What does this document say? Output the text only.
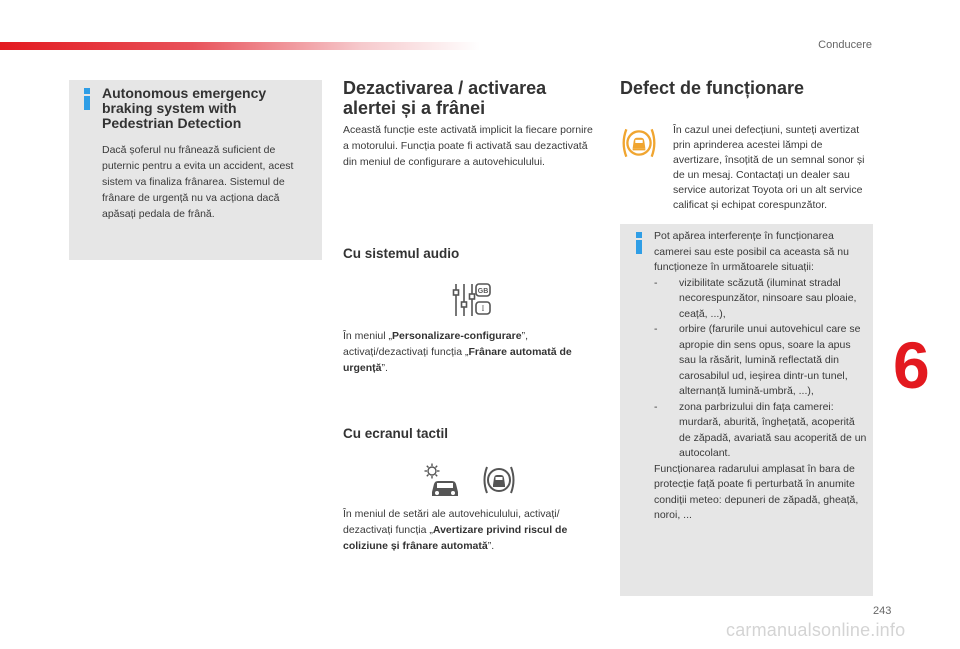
Conducere
Autonomous emergency braking system with Pedestrian Detection
Dacă șoferul nu frânează suficient de puternic pentru a evita un accident, acest sistem va finaliza frânarea. Sistemul de frânare de urgență nu va acționa dacă apăsați pedala de frână.
Dezactivarea / activarea alertei și a frânei
Această funcție este activată implicit la fiecare pornire a motorului. Funcția poate fi activată sau dezactivată din meniul de configurare a autovehiculului.
Cu sistemul audio
GB
I
În meniul „Personalizare-configurare”, activați/dezactivați funcția „Frânare automată de urgență”.
Cu ecranul tactil
În meniul de setări ale autovehiculului, activați/ dezactivați funcția „Avertizare privind riscul de coliziune și frânare automată”.
Defect de funcționare
În cazul unei defecțiuni, sunteți avertizat prin aprinderea acestei lămpi de avertizare, însoțită de un semnal sonor și de un mesaj. Contactați un dealer sau service autorizat Toyota ori un alt service calificat și echipat corespunzător.
Pot apărea interferențe în funcționarea camerei sau este posibil ca aceasta să nu funcționeze în următoarele situații:
- vizibilitate scăzută (iluminat stradal necorespunzător, ninsoare sau ploaie, ceață, ...),
- orbire (farurile unui autovehicul care se apropie din sens opus, soare la apus sau la răsărit, lumină reflectată din carosabilul ud, ieșirea dintr-un tunel, alternanță lumină-umbră, ...),
- zona parbrizului din fața camerei: murdară, aburită, înghețată, acoperită de zăpadă, avariată sau acoperită de un autocolant.
Funcționarea radarului amplasat în bara de protecție față poate fi perturbată în anumite condiții meteo: depuneri de zăpadă, gheață, noroi, ...
6
243
carmanualsonline.info
